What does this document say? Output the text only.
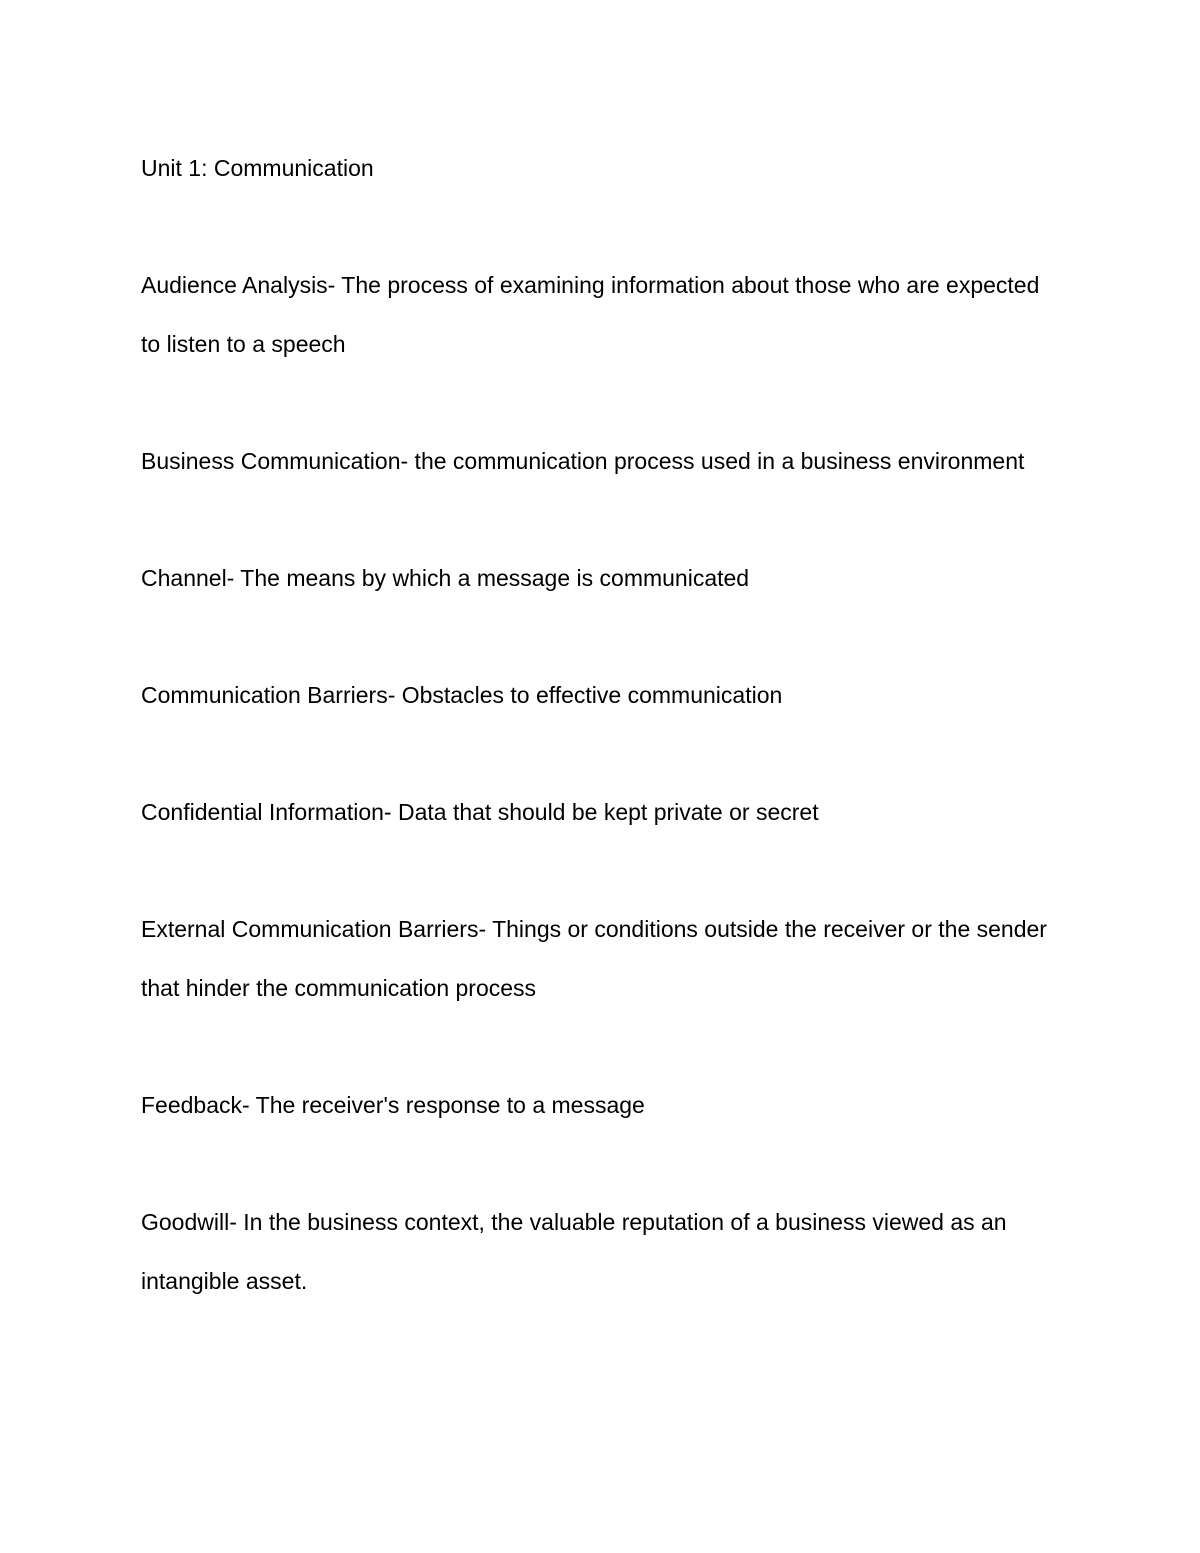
Unit 1: Communication

Audience Analysis- The process of examining information about those who are expected to listen to a speech

Business Communication- the communication process used in a business environment

Channel- The means by which a message is communicated

Communication Barriers- Obstacles to effective communication

Confidential Information- Data that should be kept private or secret

External Communication Barriers- Things or conditions outside the receiver or the sender that hinder the communication process

Feedback- The receiver's response to a message

Goodwill- In the business context, the valuable reputation of a business viewed as an intangible asset.
